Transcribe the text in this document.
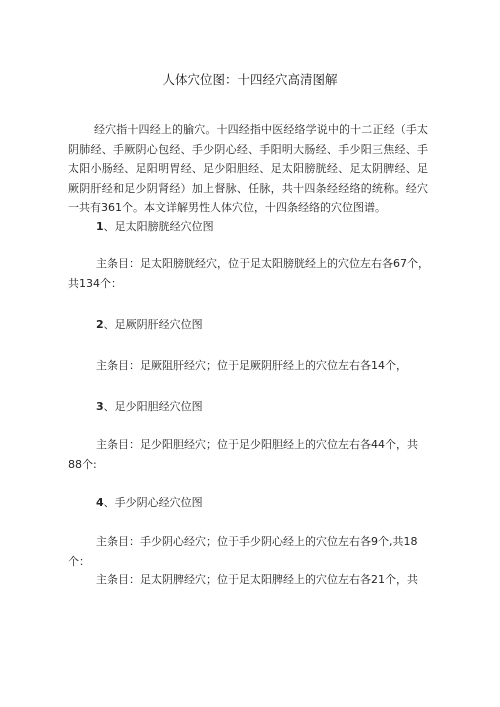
人体穴位图：十四经穴高清图解

经穴指十四经上的腧穴。十四经指中医经络学说中的十二正经（手太阴肺经、手厥阴心包经、手少阴心经、手阳明大肠经、手少阳三焦经、手太阳小肠经、足阳明胃经、足少阳胆经、足太阳膀胱经、足太阴脾经、足厥阴肝经和足少阴肾经）加上督脉、任脉，共十四条经经络的统称。经穴一共有361个。本文详解男性人体穴位，十四条经络的穴位图谱。

1、足太阳膀胱经穴位图

主条目：足太阳膀胱经穴，位于足太阳膀胱经上的穴位左右各67个，共134个：

2、足厥阴肝经穴位图

主条目：足厥阻肝经穴；位于足厥阴肝经上的穴位左右各14个，

3、足少阳胆经穴位图

主条目：足少阳胆经穴；位于足少阳胆经上的穴位左右各44个，共88个:

4、手少阴心经穴位图

主条目：手少阴心经穴；位于手少阴心经上的穴位左右各9个,共18个：

主条目：足太阴脾经穴；位于足太阳脾经上的穴位左右各21个，共
